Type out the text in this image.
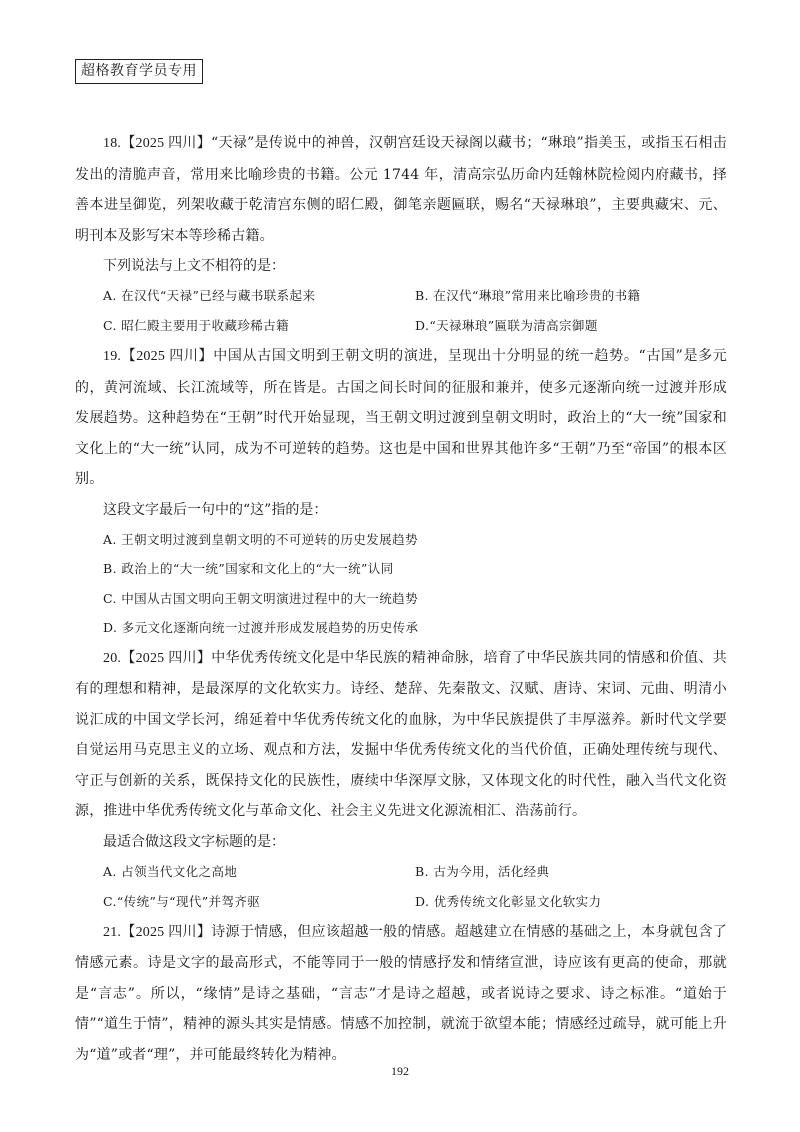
超格教育学员专用

18.【2025 四川】“天禄”是传说中的神兽，汉朝宫廷设天禄阁以藏书；“琳琅”指美玉，或指玉石相击发出的清脆声音，常用来比喻珍贵的书籍。公元 1744 年，清高宗弘历命内廷翰林院检阅内府藏书，择善本进呈御览，列架收藏于乾清宫东侧的昭仁殿，御笔亲题匾联，赐名“天禄琳琅”，主要典藏宋、元、明刊本及影写宋本等珍稀古籍。

下列说法与上文不相符的是：

A. 在汉代“天禄”已经与藏书联系起来	B. 在汉代“琳琅”常用来比喻珍贵的书籍
C. 昭仁殿主要用于收藏珍稀古籍	D.“天禄琳琅”匾联为清高宗御题

19.【2025 四川】中国从古国文明到王朝文明的演进，呈现出十分明显的统一趋势。“古国”是多元的，黄河流域、长江流域等，所在皆是。古国之间长时间的征服和兼并，使多元逐渐向统一过渡并形成发展趋势。这种趋势在“王朝”时代开始显现，当王朝文明过渡到皇朝文明时，政治上的“大一统”国家和文化上的“大一统”认同，成为不可逆转的趋势。这也是中国和世界其他许多“王朝”乃至“帝国”的根本区别。

这段文字最后一句中的“这”指的是：

A. 王朝文明过渡到皇朝文明的不可逆转的历史发展趋势
B. 政治上的“大一统”国家和文化上的“大一统”认同
C. 中国从古国文明向王朝文明演进过程中的大一统趋势
D. 多元文化逐渐向统一过渡并形成发展趋势的历史传承

20.【2025 四川】中华优秀传统文化是中华民族的精神命脉，培育了中华民族共同的情感和价值、共有的理想和精神，是最深厚的文化软实力。诗经、楚辞、先秦散文、汉赋、唐诗、宋词、元曲、明清小说汇成的中国文学长河，绵延着中华优秀传统文化的血脉，为中华民族提供了丰厚滋养。新时代文学要自觉运用马克思主义的立场、观点和方法，发掘中华优秀传统文化的当代价值，正确处理传统与现代、守正与创新的关系，既保持文化的民族性，赓续中华深厚文脉，又体现文化的时代性，融入当代文化资源，推进中华优秀传统文化与革命文化、社会主义先进文化源流相汇、浩荡前行。

最适合做这段文字标题的是：

A. 占领当代文化之高地	B. 古为今用，活化经典
C.“传统”与“现代”并驾齐驱	D. 优秀传统文化彰显文化软实力

21.【2025 四川】诗源于情感，但应该超越一般的情感。超越建立在情感的基础之上，本身就包含了情感元素。诗是文字的最高形式，不能等同于一般的情感抒发和情绪宣泄，诗应该有更高的使命，那就是“言志”。所以，“缘情”是诗之基础，“言志”才是诗之超越，或者说诗之要求、诗之标准。“道始于情”“道生于情”，精神的源头其实是情感。情感不加控制，就流于欲望本能；情感经过疏导，就可能上升为“道”或者“理”，并可能最终转化为精神。

192
